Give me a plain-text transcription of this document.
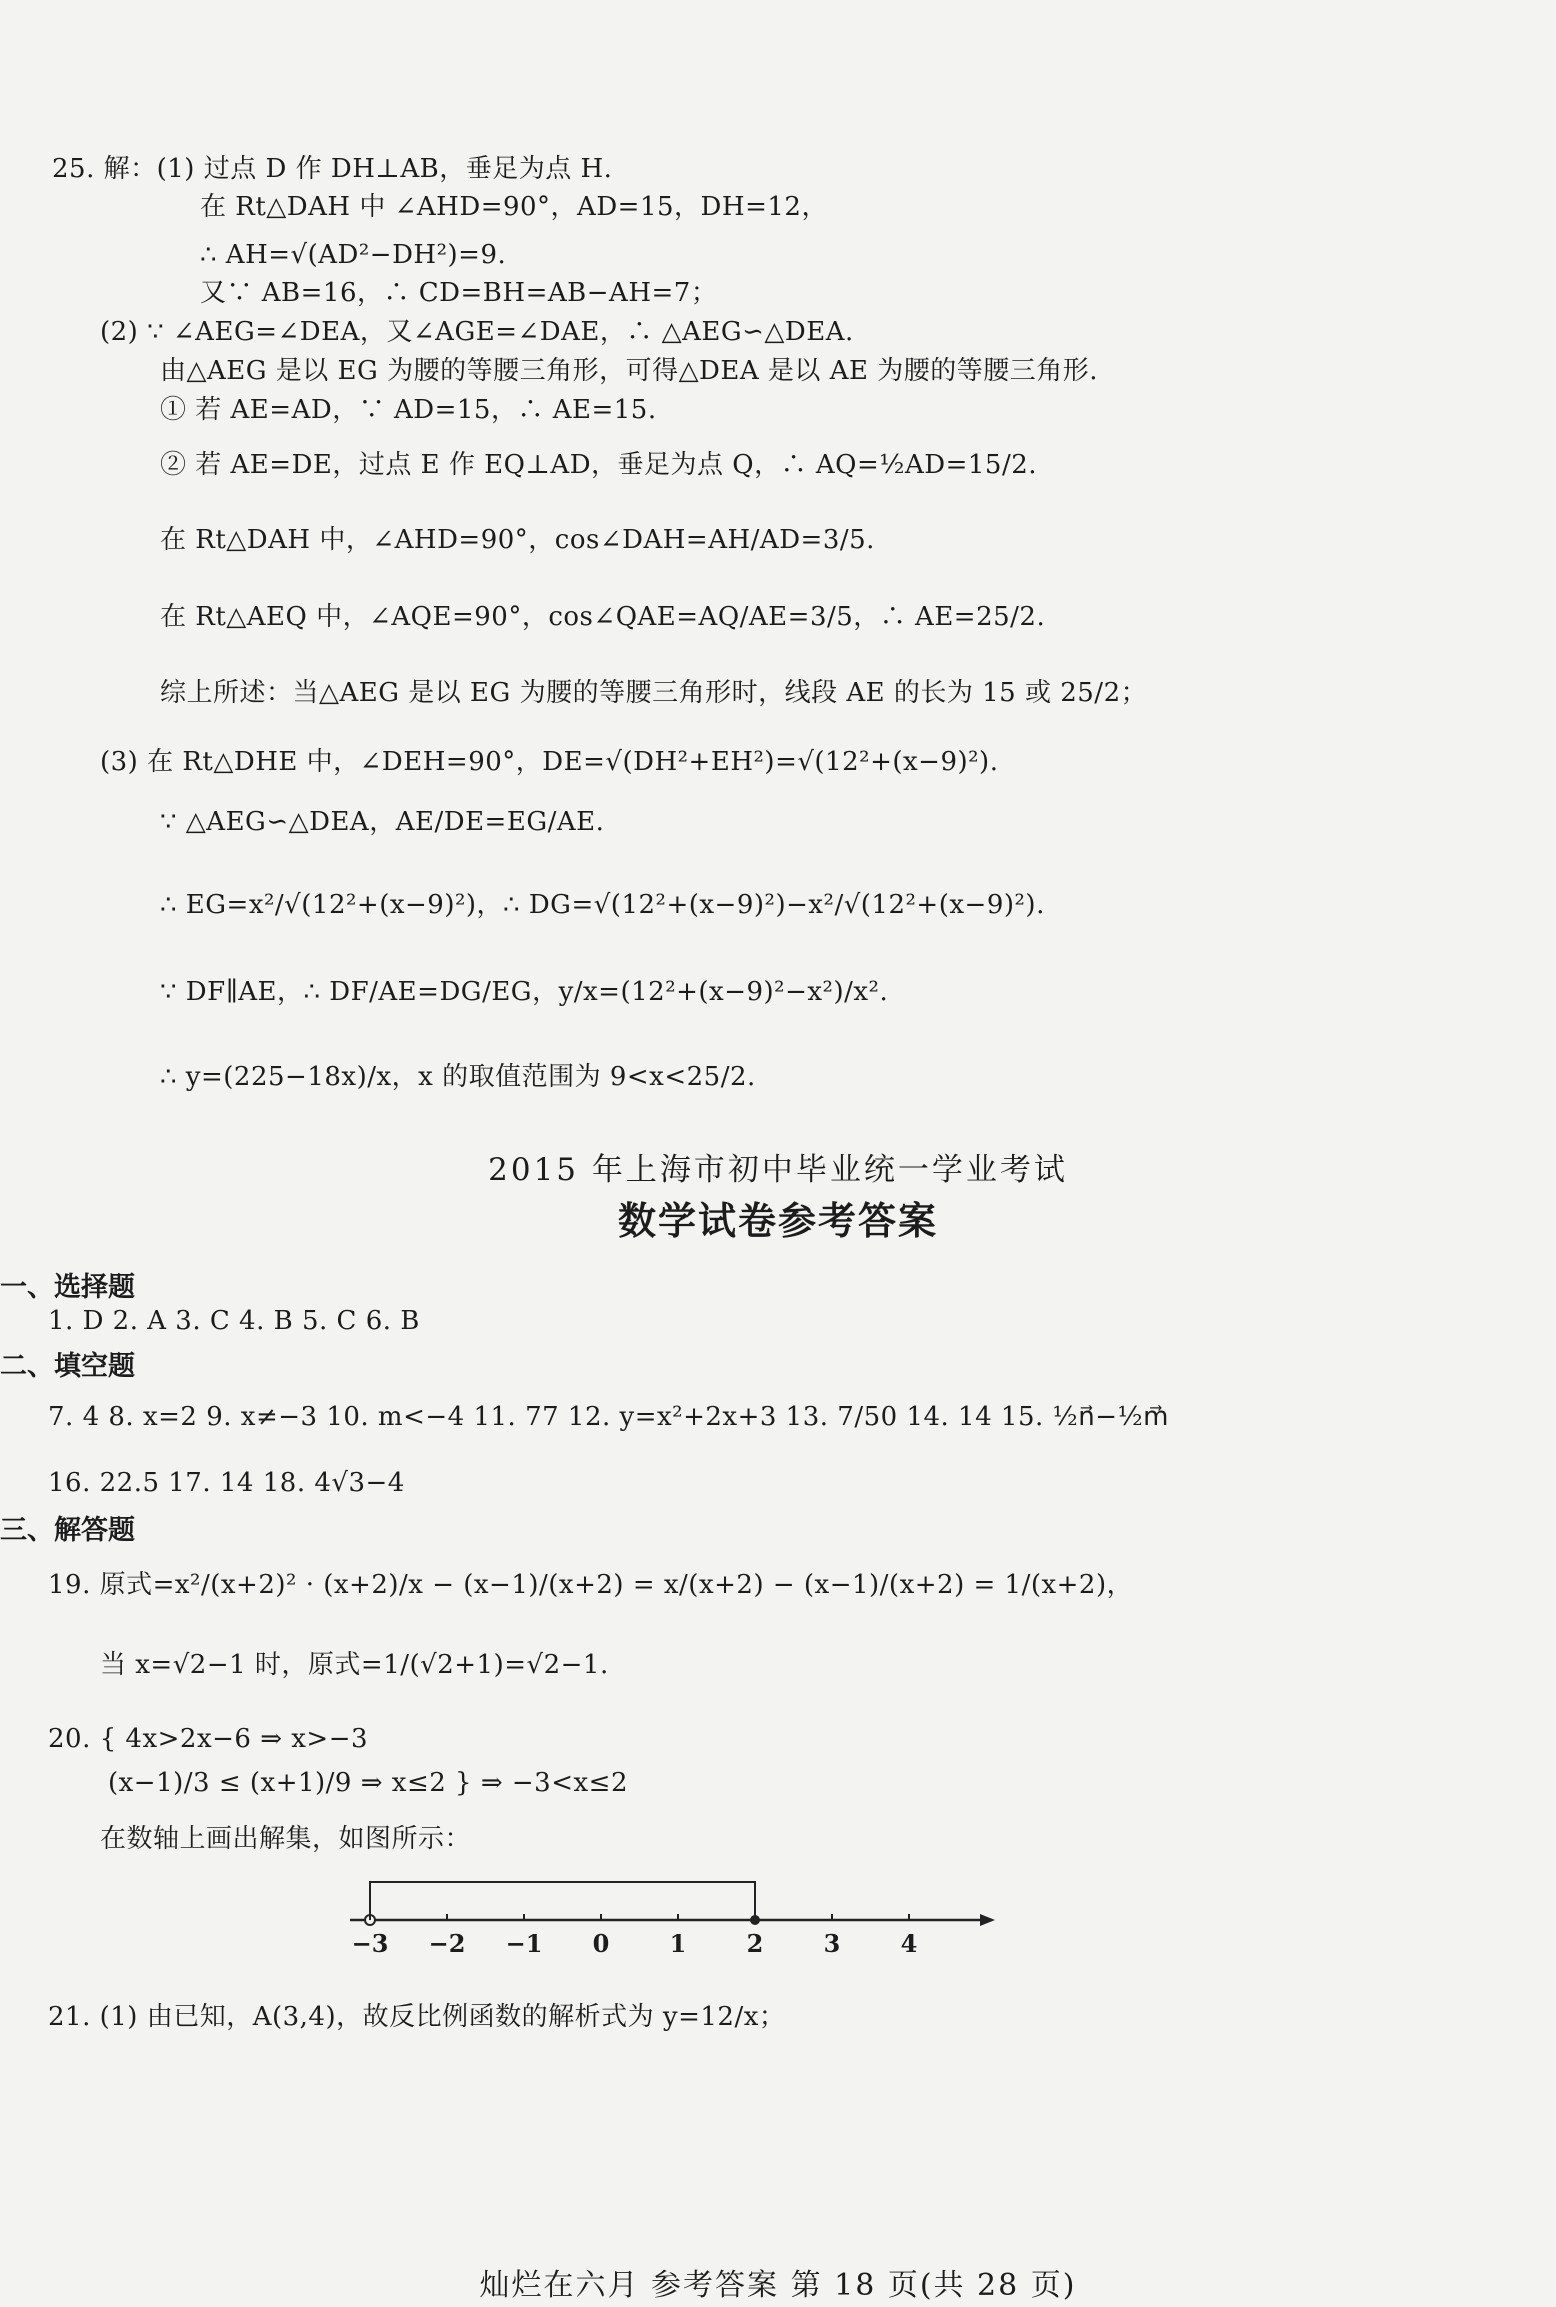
25. 解：(1) 过点 D 作 DH⊥AB，垂足为点 H.
在 Rt△DAH 中 ∠AHD=90°，AD=15，DH=12，
∴ AH=√(AD²−DH²)=9.
又∵ AB=16，∴ CD=BH=AB−AH=7；
(2) ∵ ∠AEG=∠DEA，又∠AGE=∠DAE，∴ △AEG∽△DEA.
由△AEG 是以 EG 为腰的等腰三角形，可得△DEA 是以 AE 为腰的等腰三角形.
① 若 AE=AD，∵ AD=15，∴ AE=15.
② 若 AE=DE，过点 E 作 EQ⊥AD，垂足为点 Q，∴ AQ=½AD=15/2.
在 Rt△DAH 中，∠AHD=90°，cos∠DAH=AH/AD=3/5.
在 Rt△AEQ 中，∠AQE=90°，cos∠QAE=AQ/AE=3/5，∴ AE=25/2.
综上所述：当△AEG 是以 EG 为腰的等腰三角形时，线段 AE 的长为 15 或 25/2；
(3) 在 Rt△DHE 中，∠DEH=90°，DE=√(DH²+EH²)=√(12²+(x−9)²).
∵ △AEG∽△DEA，AE/DE=EG/AE.
∴ EG=x²/√(12²+(x−9)²)，∴ DG=√(12²+(x−9)²)−x²/√(12²+(x−9)²).
∵ DF∥AE，∴ DF/AE=DG/EG，y/x=(12²+(x−9)²−x²)/x².
∴ y=(225−18x)/x，x 的取值范围为 9<x<25/2.
2015 年上海市初中毕业统一学业考试
数学试卷参考答案
一、选择题
1. D 2. A 3. C 4. B 5. C 6. B
二、填空题
7. 4 8. x=2 9. x≠−3 10. m<−4 11. 77 12. y=x²+2x+3 13. 7/50 14. 14 15. ½n⃗−½m⃗
16. 22.5 17. 14 18. 4√3−4
三、解答题
19. 原式=x²/(x+2)² · (x+2)/x − (x−1)/(x+2) = x/(x+2) − (x−1)/(x+2) = 1/(x+2)，
当 x=√2−1 时，原式=1/(√2+1)=√2−1.
20. { 4x>2x−6 ⇒ x>−3
(x−1)/3 ≤ (x+1)/9 ⇒ x≤2 } ⇒ −3<x≤2
在数轴上画出解集，如图所示：
−3 −2 −1 0	1	2	3	4
21. (1) 由已知，A(3,4)，故反比例函数的解析式为 y=12/x；
灿烂在六月 参考答案 第 18 页(共 28 页)
